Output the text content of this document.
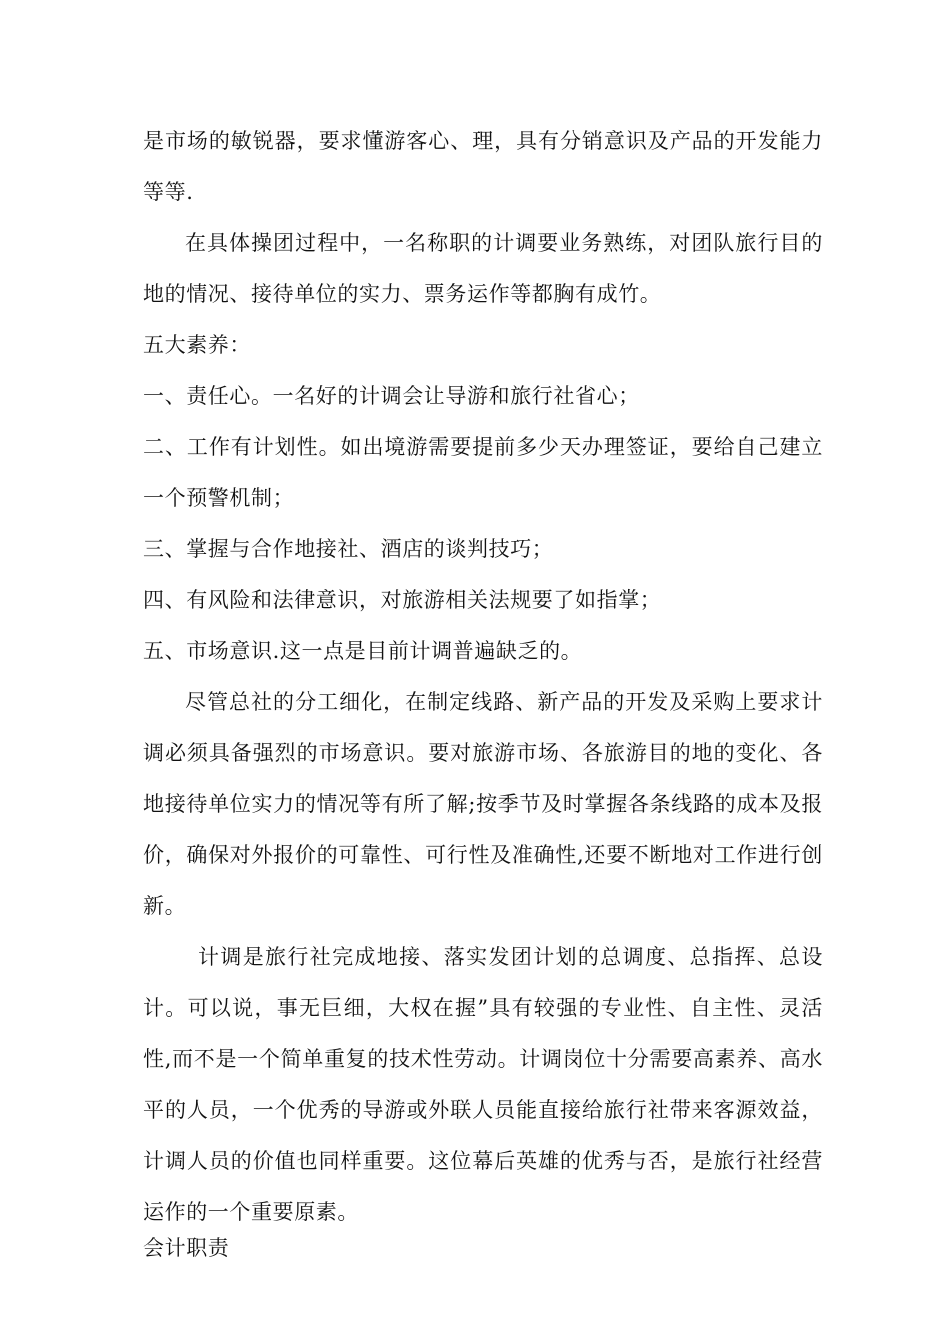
是市场的敏锐器，要求懂游客心、理，具有分销意识及产品的开发能力
等等.
在具体操团过程中，一名称职的计调要业务熟练，对团队旅行目的
地的情况、接待单位的实力、票务运作等都胸有成竹。
五大素养：
一、责任心。一名好的计调会让导游和旅行社省心；
二、工作有计划性。如出境游需要提前多少天办理签证，要给自己建立
一个预警机制；
三、掌握与合作地接社、酒店的谈判技巧；
四、有风险和法律意识，对旅游相关法规要了如指掌；
五、市场意识.这一点是目前计调普遍缺乏的。
尽管总社的分工细化，在制定线路、新产品的开发及采购上要求计
调必须具备强烈的市场意识。要对旅游市场、各旅游目的地的变化、各
地接待单位实力的情况等有所了解;按季节及时掌握各条线路的成本及报
价，确保对外报价的可靠性、可行性及准确性,还要不断地对工作进行创
新。
计调是旅行社完成地接、落实发团计划的总调度、总指挥、总设
计。可以说，事无巨细，大权在握”具有较强的专业性、自主性、灵活
性,而不是一个简单重复的技术性劳动。计调岗位十分需要高素养、高水
平的人员，一个优秀的导游或外联人员能直接给旅行社带来客源效益，
计调人员的价值也同样重要。这位幕后英雄的优秀与否，是旅行社经营
运作的一个重要原素。
会计职责
